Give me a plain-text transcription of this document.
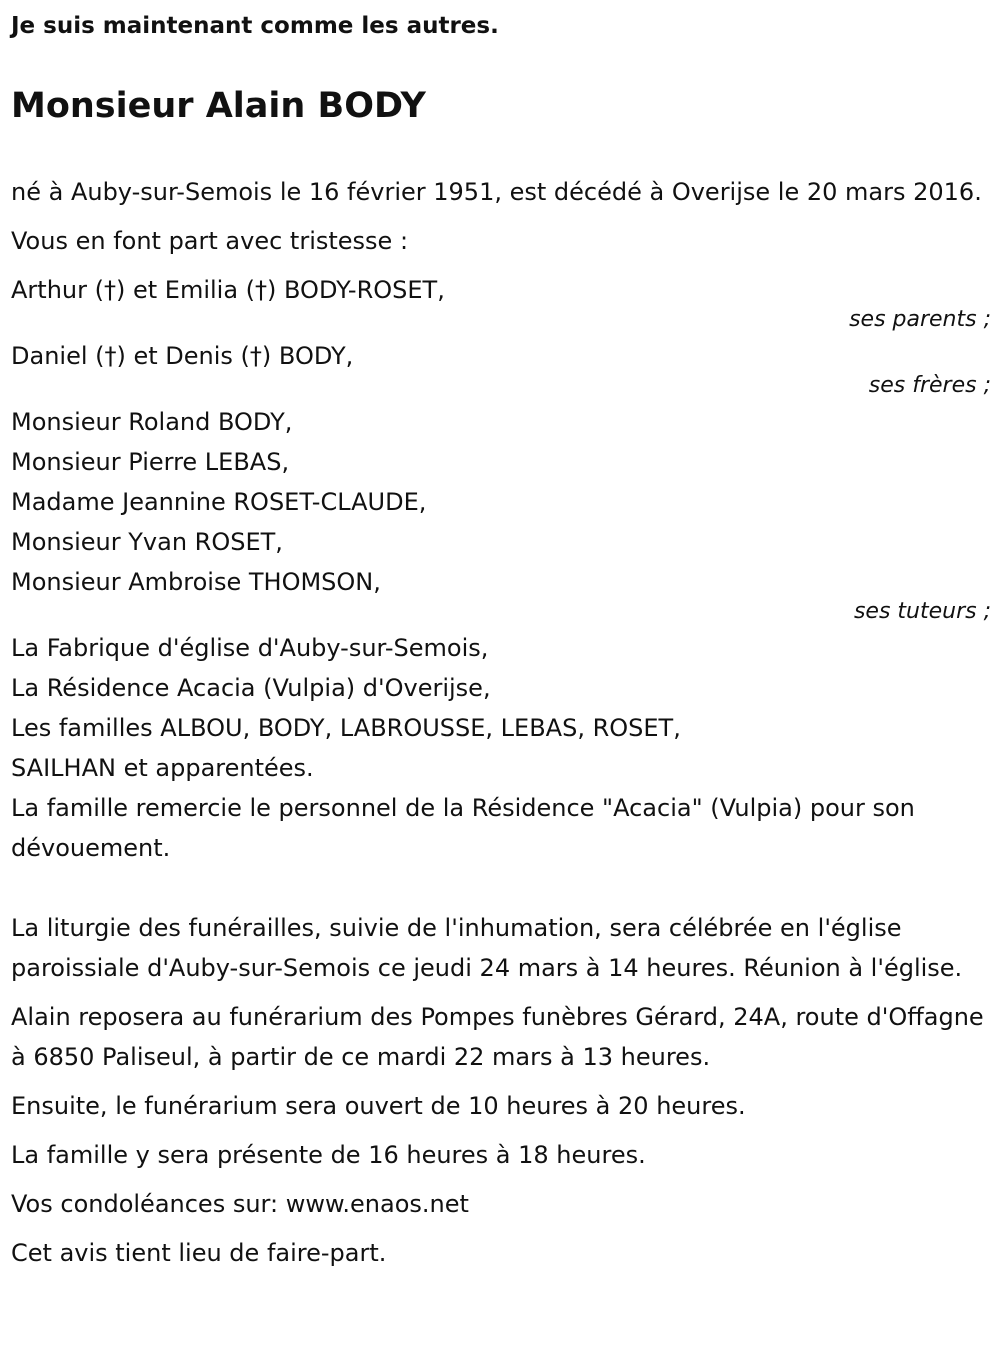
Je suis maintenant comme les autres.
Monsieur Alain BODY

né à Auby-sur-Semois le 16 février 1951, est décédé à Overijse le 20 mars 2016.

Vous en font part avec tristesse :

Arthur (†) et Emilia (†) BODY-ROSET,

ses parents ;

Daniel (†) et Denis (†) BODY,

ses frères ;
Monsieur Roland BODY,
Monsieur Pierre LEBAS,
Madame Jeannine ROSET-CLAUDE,
Monsieur Yvan ROSET,
Monsieur Ambroise THOMSON,
ses tuteurs ;
La Fabrique d'église d'Auby-sur-Semois,
La Résidence Acacia (Vulpia) d'Overijse,
Les familles ALBOU, BODY, LABROUSSE, LEBAS, ROSET,
SAILHAN et apparentées.

La famille remercie le personnel de la Résidence "Acacia" (Vulpia) pour son dévouement.

La liturgie des funérailles, suivie de l'inhumation, sera célébrée en l'église paroissiale d'Auby-sur-Semois ce jeudi 24 mars à 14 heures. Réunion à l'église.

Alain reposera au funérarium des Pompes funèbres Gérard, 24A, route d'Offagne à 6850 Paliseul, à partir de ce mardi 22 mars à 13 heures.

Ensuite, le funérarium sera ouvert de 10 heures à 20 heures.

La famille y sera présente de 16 heures à 18 heures.

Vos condoléances sur: www.enaos.net

Cet avis tient lieu de faire-part.
